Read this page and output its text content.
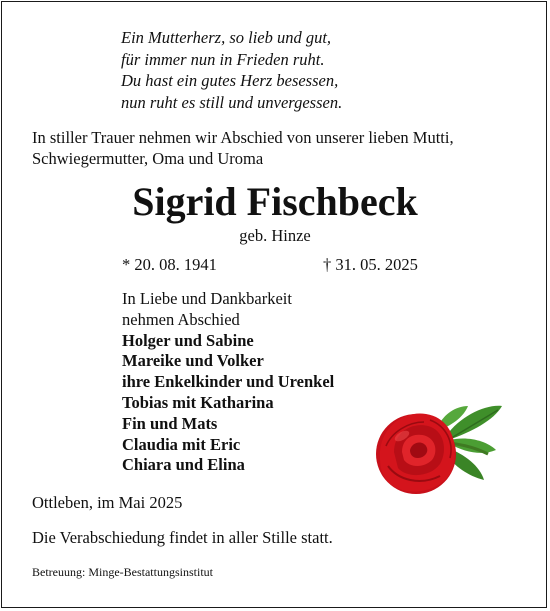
Ein Mutterherz, so lieb und gut,
für immer nun in Frieden ruht.
Du hast ein gutes Herz besessen,
nun ruht es still und unvergessen.
In stiller Trauer nehmen wir Abschied von unserer lieben Mutti, Schwiegermutter, Oma und Uroma
Sigrid Fischbeck
geb. Hinze
* 20. 08. 1941	† 31. 05. 2025
In Liebe und Dankbarkeit
nehmen Abschied
Holger und Sabine
Mareike und Volker
ihre Enkelkinder und Urenkel
Tobias mit Katharina
Fin und Mats
Claudia mit Eric
Chiara und Elina
Ottleben, im Mai 2025
Die Verabschiedung findet in aller Stille statt.
Betreuung: Minge-Bestattungsinstitut
